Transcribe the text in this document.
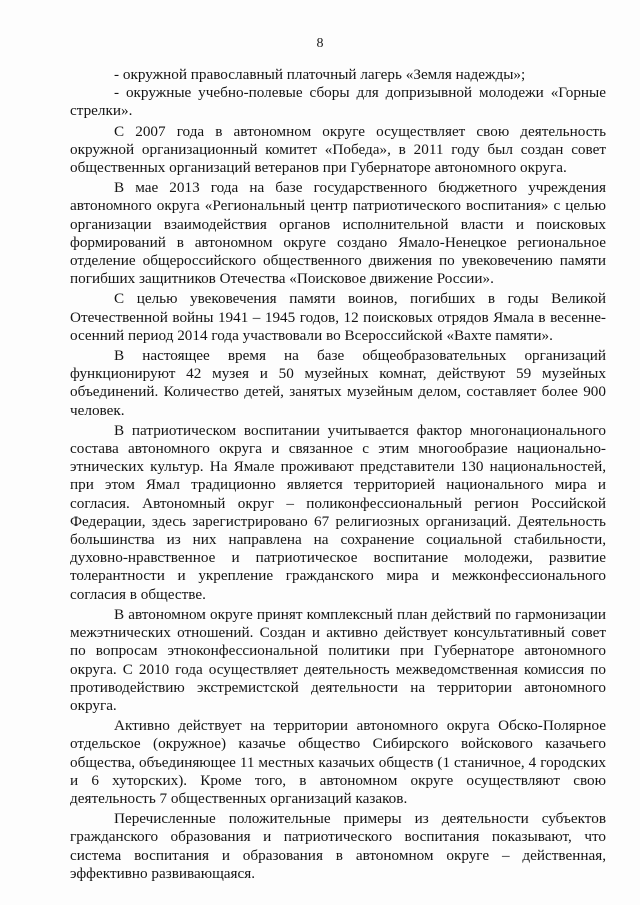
8

- окружной православный платочный лагерь «Земля надежды»;

- окружные учебно-полевые сборы для допризывной молодежи «Горные стрелки».

С 2007 года в автономном округе осуществляет свою деятельность окружной организационный комитет «Победа», в 2011 году был создан совет общественных организаций ветеранов при Губернаторе автономного округа.

В мае 2013 года на базе государственного бюджетного учреждения автономного округа «Региональный центр патриотического воспитания» с целью организации взаимодействия органов исполнительной власти и поисковых формирований в автономном округе создано Ямало-Ненецкое региональное отделение общероссийского общественного движения по увековечению памяти погибших защитников Отечества «Поисковое движение России».

С целью увековечения памяти воинов, погибших в годы Великой Отечественной войны 1941 – 1945 годов, 12 поисковых отрядов Ямала в весенне-осенний период 2014 года участвовали во Всероссийской «Вахте памяти».

В настоящее время на базе общеобразовательных организаций функционируют 42 музея и 50 музейных комнат, действуют 59 музейных объединений. Количество детей, занятых музейным делом, составляет более 900 человек.

В патриотическом воспитании учитывается фактор многонационального состава автономного округа и связанное с этим многообразие национально-этнических культур. На Ямале проживают представители 130 национальностей, при этом Ямал традиционно является территорией национального мира и согласия. Автономный округ – поликонфессиональный регион Российской Федерации, здесь зарегистрировано 67 религиозных организаций. Деятельность большинства из них направлена на сохранение социальной стабильности, духовно-нравственное и патриотическое воспитание молодежи, развитие толерантности и укрепление гражданского мира и межконфессионального согласия в обществе.

В автономном округе принят комплексный план действий по гармонизации межэтнических отношений. Создан и активно действует консультативный совет по вопросам этноконфессиональной политики при Губернаторе автономного округа. С 2010 года осуществляет деятельность межведомственная комиссия по противодействию экстремистской деятельности на территории автономного округа.

Активно действует на территории автономного округа Обско-Полярное отдельское (окружное) казачье общество Сибирского войскового казачьего общества, объединяющее 11 местных казачьих обществ (1 станичное, 4 городских и 6 хуторских). Кроме того, в автономном округе осуществляют свою деятельность 7 общественных организаций казаков.

Перечисленные положительные примеры из деятельности субъектов гражданского образования и патриотического воспитания показывают, что система воспитания и образования в автономном округе – действенная, эффективно развивающаяся.
